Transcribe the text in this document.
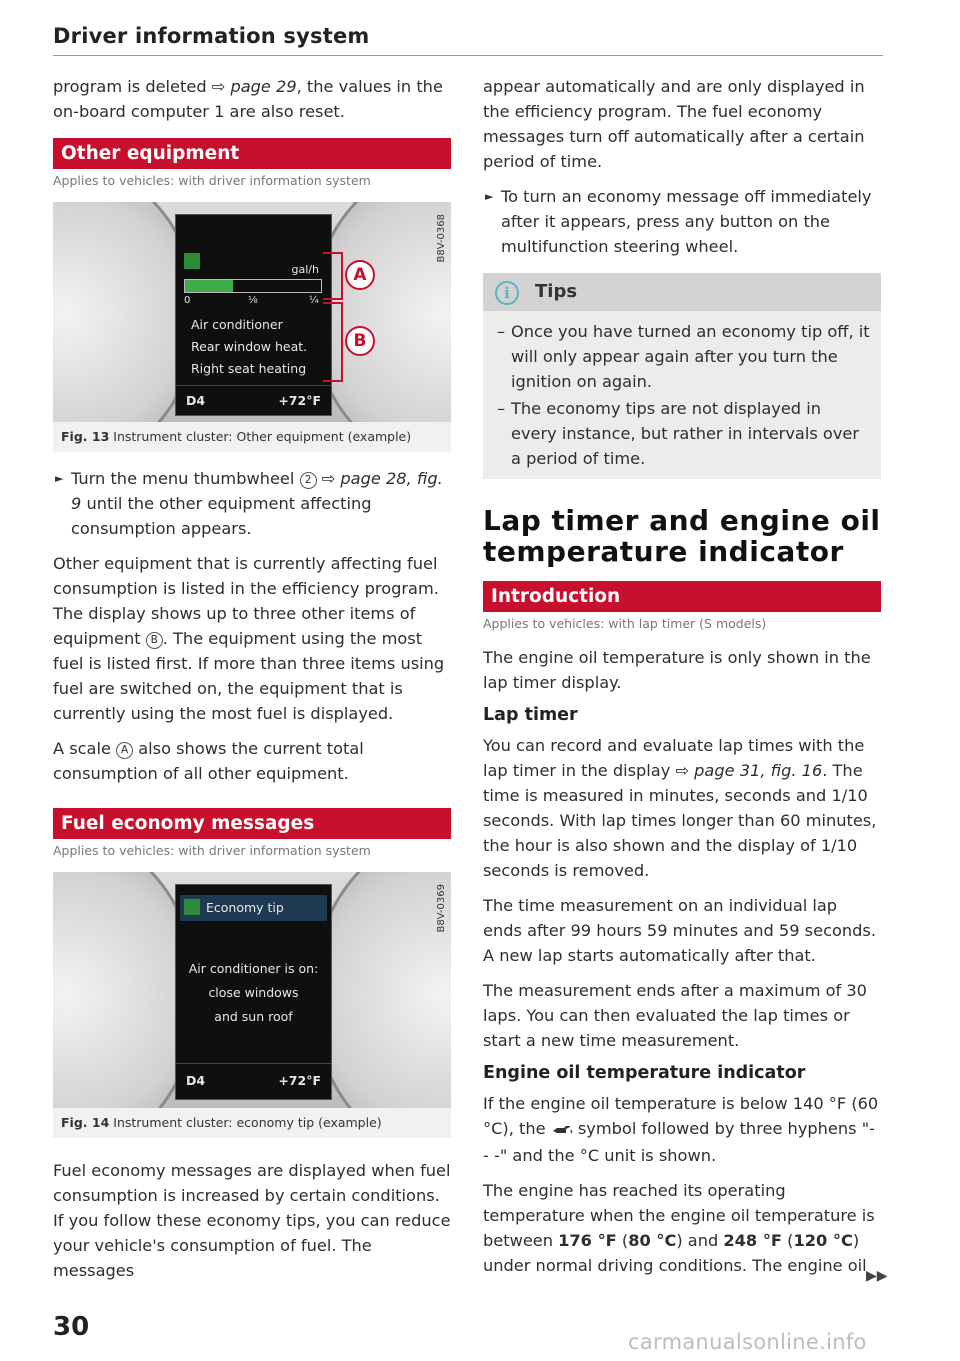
Driver information system

program is deleted ⇨ page 29, the values in the on-board computer 1 are also reset.

Other equipment
Applies to vehicles: with driver information system
gal/h
0	⅛	¼
Air conditioner
Rear window heat.
Right seat heating
D4	+72°F
A
B
B8V-0368
Fig. 13 Instrument cluster: Other equipment (example)

► Turn the menu thumbwheel 2 ⇨ page 28, fig. 9 until the other equipment affecting consumption appears.

Other equipment that is currently affecting fuel consumption is listed in the efficiency program. The display shows up to three other items of equipment B . The equipment using the most fuel is listed first. If more than three items using fuel are switched on, the equipment that is currently using the most fuel is displayed.

A scale A also shows the current total consumption of all other equipment.

Fuel economy messages
Applies to vehicles: with driver information system
Economy tip
Air conditioner is on:
close windows
and sun roof
D4	+72°F
B8V-0369
Fig. 14 Instrument cluster: economy tip (example)

Fuel economy messages are displayed when fuel consumption is increased by certain conditions. If you follow these economy tips, you can reduce your vehicle's consumption of fuel. The messages

appear automatically and are only displayed in the efficiency program. The fuel economy messages turn off automatically after a certain period of time.

► To turn an economy message off immediately after it appears, press any button on the multifunction steering wheel.

i	Tips
– Once you have turned an economy tip off, it will only appear again after you turn the ignition on again.
– The economy tips are not displayed in every instance, but rather in intervals over a period of time.
Lap timer and engine oil temperature indicator
Introduction
Applies to vehicles: with lap timer (S models)

The engine oil temperature is only shown in the lap timer display.

Lap timer

You can record and evaluate lap times with the lap timer in the display ⇨ page 31, fig. 16. The time is measured in minutes, seconds and 1/10 seconds. With lap times longer than 60 minutes, the hour is also shown and the display of 1/10 seconds is removed.

The time measurement on an individual lap ends after 99 hours 59 minutes and 59 seconds. A new lap starts automatically after that.

The measurement ends after a maximum of 30 laps. You can then evaluated the lap times or start a new time measurement.

Engine oil temperature indicator

If the engine oil temperature is below 140 °F (60 °C), the  symbol followed by three hyphens "- - -" and the °C unit is shown.

The engine has reached its operating temperature when the engine oil temperature is between 176 °F (80 °C) and 248 °F (120 °C) under normal driving conditions. The engine oil

▶▶
30	carmanualsonline.info
